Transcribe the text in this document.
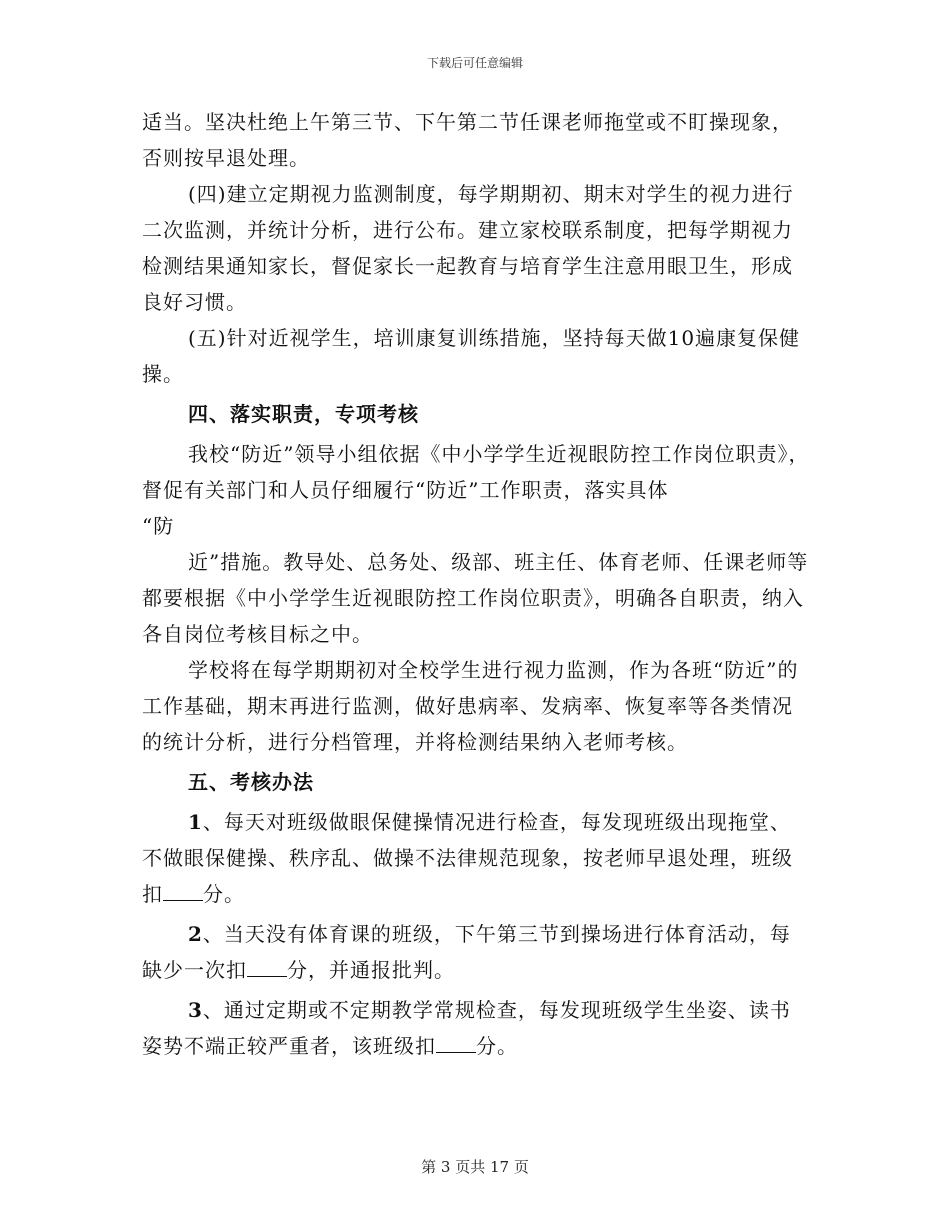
下载后可任意编辑

适当。坚决杜绝上午第三节、下午第二节任课老师拖堂或不盯操现象，否则按早退处理。

(四)建立定期视力监测制度，每学期期初、期末对学生的视力进行二次监测，并统计分析，进行公布。建立家校联系制度，把每学期视力检测结果通知家长，督促家长一起教育与培育学生注意用眼卫生，形成良好习惯。

(五)针对近视学生，培训康复训练措施，坚持每天做10遍康复保健操。

四、落实职责，专项考核

我校“防近”领导小组依据《中小学学生近视眼防控工作岗位职责》，督促有关部门和人员仔细履行“防近”工作职责，落实具体

“防

近”措施。教导处、总务处、级部、班主任、体育老师、任课老师等都要根据《中小学学生近视眼防控工作岗位职责》，明确各自职责，纳入各自岗位考核目标之中。

学校将在每学期期初对全校学生进行视力监测，作为各班“防近”的工作基础，期末再进行监测，做好患病率、发病率、恢复率等各类情况的统计分析，进行分档管理，并将检测结果纳入老师考核。

五、考核办法

1、每天对班级做眼保健操情况进行检查，每发现班级出现拖堂、不做眼保健操、秩序乱、做操不法律规范现象，按老师早退处理，班级扣 分。

2、当天没有体育课的班级，下午第三节到操场进行体育活动，每缺少一次扣 分，并通报批判。

3、通过定期或不定期教学常规检查，每发现班级学生坐姿、读书姿势不端正较严重者，该班级扣 分。

第 3 页共 17 页
